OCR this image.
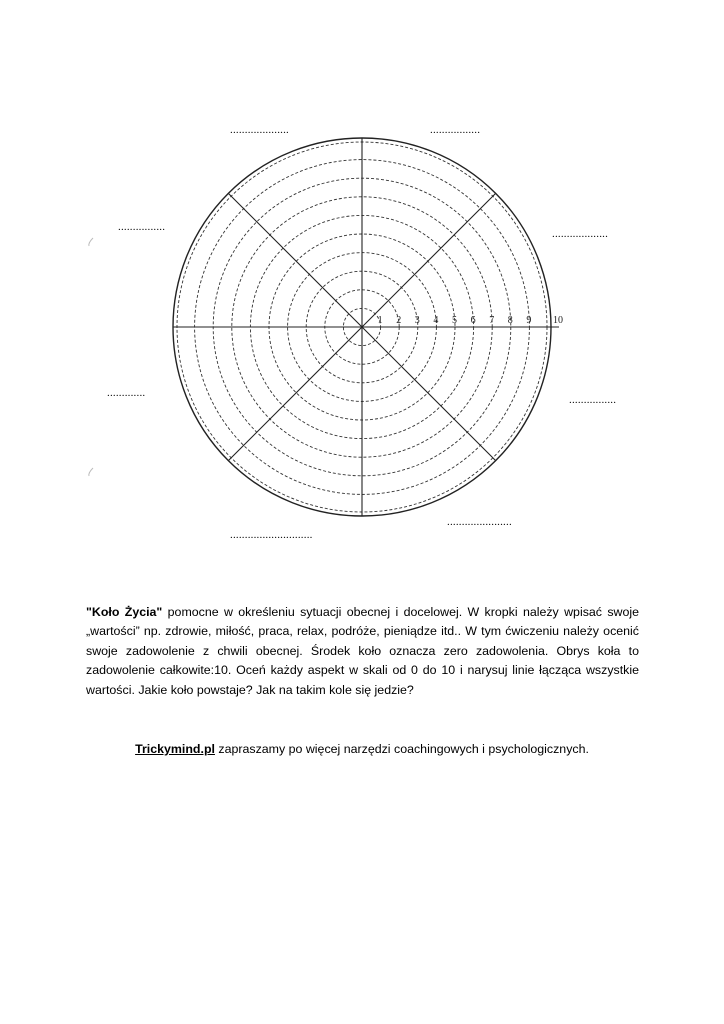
1 2 3 4 5 6 7 8 9 10
....................	.................
................
...................
.............
................
......................
............................
"Koło Życia" pomocne w określeniu sytuacji obecnej i docelowej. W kropki należy wpisać swoje „wartości” np. zdrowie, miłość, praca, relax, podróże, pieniądze itd.. W tym ćwiczeniu należy ocenić swoje zadowolenie z chwili obecnej. Środek koło oznacza zero zadowolenia. Obrys koła to zadowolenie całkowite:10. Oceń każdy aspekt w skali od 0 do 10 i narysuj linie łącząca wszystkie wartości. Jakie koło powstaje? Jak na takim kole się jedzie?
Trickymind.pl zapraszamy po więcej narzędzi coachingowych i psychologicznych.
